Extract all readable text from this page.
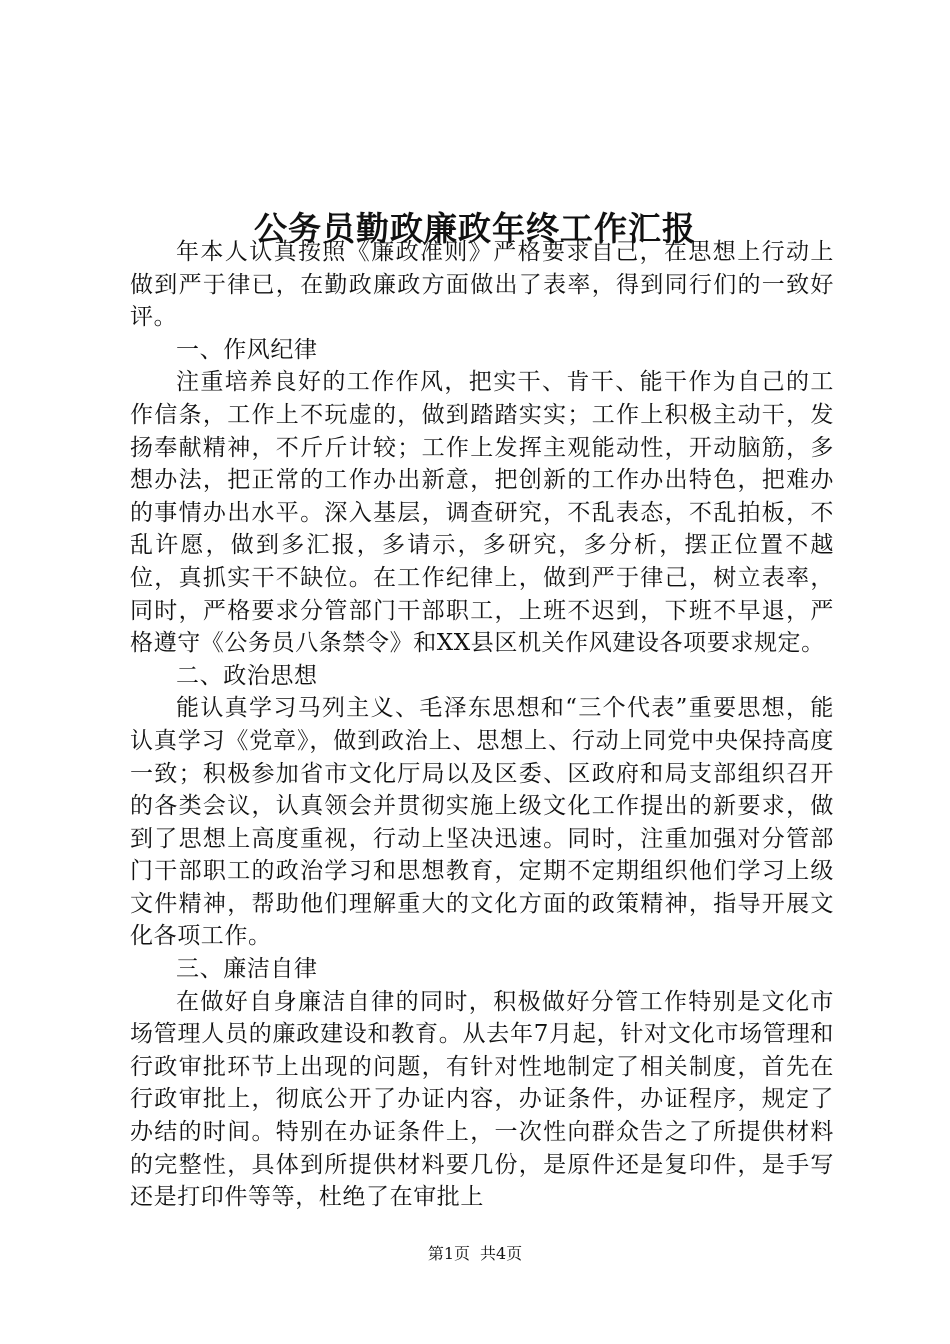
公务员勤政廉政年终工作汇报

年本人认真按照《廉政准则》严格要求自己，在思想上行动上做到严于律已，在勤政廉政方面做出了表率，得到同行们的一致好评。

一、作风纪律

注重培养良好的工作作风，把实干、肯干、能干作为自己的工作信条，工作上不玩虚的，做到踏踏实实；工作上积极主动干，发扬奉献精神，不斤斤计较；工作上发挥主观能动性，开动脑筋，多想办法，把正常的工作办出新意，把创新的工作办出特色，把难办的事情办出水平。深入基层，调查研究，不乱表态，不乱拍板，不乱许愿，做到多汇报，多请示，多研究，多分析，摆正位置不越位，真抓实干不缺位。在工作纪律上，做到严于律己，树立表率，同时，严格要求分管部门干部职工，上班不迟到，下班不早退，严格遵守《公务员八条禁令》和XX县区机关作风建设各项要求规定。

二、政治思想

能认真学习马列主义、毛泽东思想和“三个代表”重要思想，能认真学习《党章》，做到政治上、思想上、行动上同党中央保持高度一致；积极参加省市文化厅局以及区委、区政府和局支部组织召开的各类会议，认真领会并贯彻实施上级文化工作提出的新要求，做到了思想上高度重视，行动上坚决迅速。同时，注重加强对分管部门干部职工的政治学习和思想教育，定期不定期组织他们学习上级文件精神，帮助他们理解重大的文化方面的政策精神，指导开展文化各项工作。

三、廉洁自律

在做好自身廉洁自律的同时，积极做好分管工作特别是文化市场管理人员的廉政建设和教育。从去年7月起，针对文化市场管理和行政审批环节上出现的问题，有针对性地制定了相关制度，首先在行政审批上，彻底公开了办证内容，办证条件，办证程序，规定了办结的时间。特别在办证条件上，一次性向群众告之了所提供材料的完整性，具体到所提供材料要几份，是原件还是复印件，是手写还是打印件等等，杜绝了在审批上

第1页 共4页
